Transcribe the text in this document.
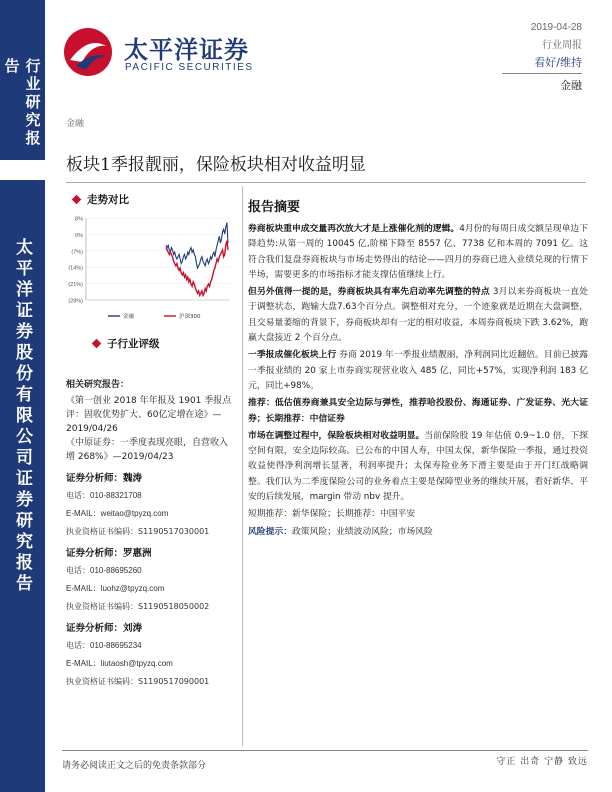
行业研究报告
太平洋证券股份有限公司证券研究报告
太平洋证券
PACIFIC SECURITIES
2019-04-28
行业周报
看好/维持
金融
金融
板块1季报靓丽，保险板块相对收益明显
走势对比
8%
0%
(7%)
(14%)
(21%)
(28%)
金融	沪深300
子行业评级
相关研究报告：
《第一创业 2018 年年报及 1901 季报点评：固收优势扩大、60亿定增在途》—2019/04/26
《中原证券：一季度表现亮眼，自营收入增 268%》—2019/04/23
证券分析师：魏涛
电话：010-88321708
E-MAIL：weitao@tpyzq.com
执业资格证书编码：S1190517030001
证券分析师：罗惠洲
电话：010-88695260
E-MAIL：luohz@tpyzq.com
执业资格证书编码：S1190518050002
证券分析师：刘涛
电话：010-88695234
E-MAIL：liutaosh@tpyzq.com
执业资格证书编码：S1190517090001
报告摘要

券商板块重申成交量再次放大才是上涨催化剂的逻辑。4月份的每周日成交额呈现单边下降趋势:从第一周的 10045 亿,阶梯下降至 8557 亿、7738 亿和本周的 7091 亿。这符合我们复盘券商板块与市场走势得出的结论——四月的券商已进入业绩兑现的行情下半场，需要更多的市场指标才能支撑估值继续上行。

但另外值得一提的是，券商板块具有率先启动率先调整的特点 3月以来券商板块一直处于调整状态，跑输大盘7.63个百分点。调整相对充分，一个迹象就是近期在大盘调整，且交易量萎缩的背景下，券商板块却有一定的相对收益，本周券商板块下跌 3.62%，跑赢大盘接近 2 个百分点。

一季报成催化板块上行 券商 2019 年一季报业绩靓丽，净利润同比近翻倍。目前已披露一季报业绩的 20 家上市券商实现营业收入 485 亿，同比+57%，实现净利润 183 亿元，同比+98%。

推荐：低估值券商兼具安全边际与弹性，推荐哈投股份、海通证券、广发证券、光大证券；长期推荐：中信证券

市场在调整过程中，保险板块相对收益明显。当前保险股 19 年估值 0.9~1.0 倍，下探空间有限，安全边际较高。已公布的中国人寿，中国太保，新华保险一季报，通过投资收益使得净利润增长显著，利润率提升；太保寿险业务下滑主要是由于开门红战略调整。我们认为二季度保险公司的业务着点主要是保障型业务的继续开展，看好新华、平安的后续发展，margin 带动 nbv 提升。

短期推荐：新华保险；长期推荐：中国平安

风险提示：政策风险；业绩波动风险；市场风险

请务必阅读正文之后的免责条款部分	守正 出奇 宁静 致远
